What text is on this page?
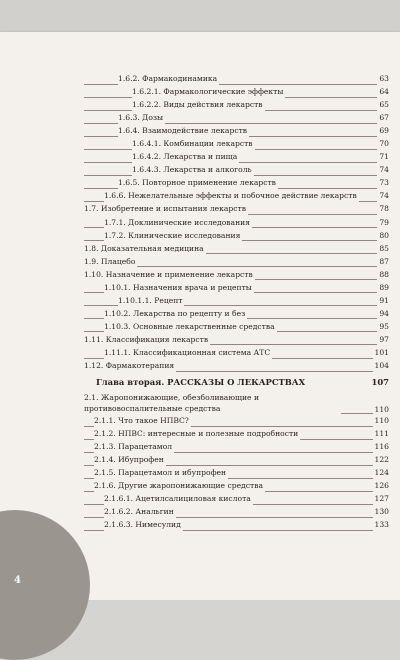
4
1.6.2. Фармакодинамика	63
1.6.2.1. Фармакологические эффекты	64
1.6.2.2. Виды действия лекарств	65
1.6.3. Дозы	67
1.6.4. Взаимодействие лекарств	69
1.6.4.1. Комбинации лекарств	70
1.6.4.2. Лекарства и пища	71
1.6.4.3. Лекарства и алкоголь	74
1.6.5. Повторное применение лекарств	73
1.6.6. Нежелательные эффекты и побочное действие лекарств	74
1.7. Изобретение и испытания лекарств	78
1.7.1. Доклинические исследования	79
1.7.2. Клинические исследования	80
1.8. Доказательная медицина	85
1.9. Плацебо	87
1.10. Назначение и применение лекарств	88
1.10.1. Назначения врача и рецепты	89
1.10.1.1. Рецепт	91
1.10.2. Лекарства по рецепту и без	94
1.10.3. Основные лекарственные средства	95
1.11. Классификация лекарств	97
1.11.1. Классификационная система АТС	101
1.12. Фармакотерапия	104
Глава вторая. РАССКАЗЫ О ЛЕКАРСТВАХ	107
2.1. Жаропонижающие, обезболивающие и противовоспалительные средства	110
2.1.1. Что такое НПВС?	110
2.1.2. НПВС: интересные и полезные подробности	111
2.1.3. Парацетамол	116
2.1.4. Ибупрофен	122
2.1.5. Парацетамол и ибупрофен	124
2.1.6. Другие жаропонижающие средства	126
2.1.6.1. Ацетилсалициловая кислота	127
2.1.6.2. Анальгин	130
2.1.6.3. Нимесулид	133
